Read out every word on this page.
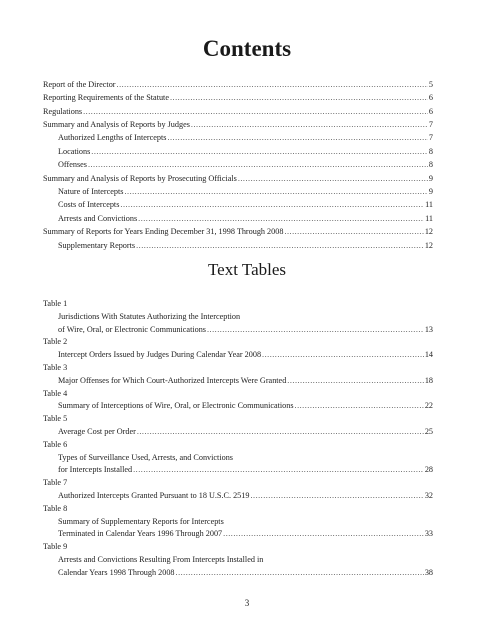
Contents
Report of the Director .....	5
Reporting Requirements of the Statute .....	6
Regulations .....	6
Summary and Analysis of Reports by Judges .....	7
Authorized Lengths of Intercepts .....	7
Locations .....	8
Offenses .....	8
Summary and Analysis of Reports by Prosecuting Officials .....	9
Nature of Intercepts .....	9
Costs of Intercepts .....	11
Arrests and Convictions .....	11
Summary of Reports for Years Ending December 31, 1998 Through 2008 .....	12
Supplementary Reports .....	12
Text Tables
Table 1
Jurisdictions With Statutes Authorizing the Interception
of Wire, Oral, or Electronic Communications .....	13
Table 2
Intercept Orders Issued by Judges During Calendar Year 2008 .....	14
Table 3
Major Offenses for Which Court-Authorized Intercepts Were Granted .....	18
Table 4
Summary of Interceptions of Wire, Oral, or Electronic Communications .....	22
Table 5
Average Cost per Order .....	25
Table 6
Types of Surveillance Used, Arrests, and Convictions
for Intercepts Installed .....	28
Table 7
Authorized Intercepts Granted Pursuant to 18 U.S.C. 2519 .....	32
Table 8
Summary of Supplementary Reports for Intercepts
Terminated in Calendar Years 1996 Through 2007 .....	33
Table 9
Arrests and Convictions Resulting From Intercepts Installed in
Calendar Years 1998 Through 2008 .....	38
3
